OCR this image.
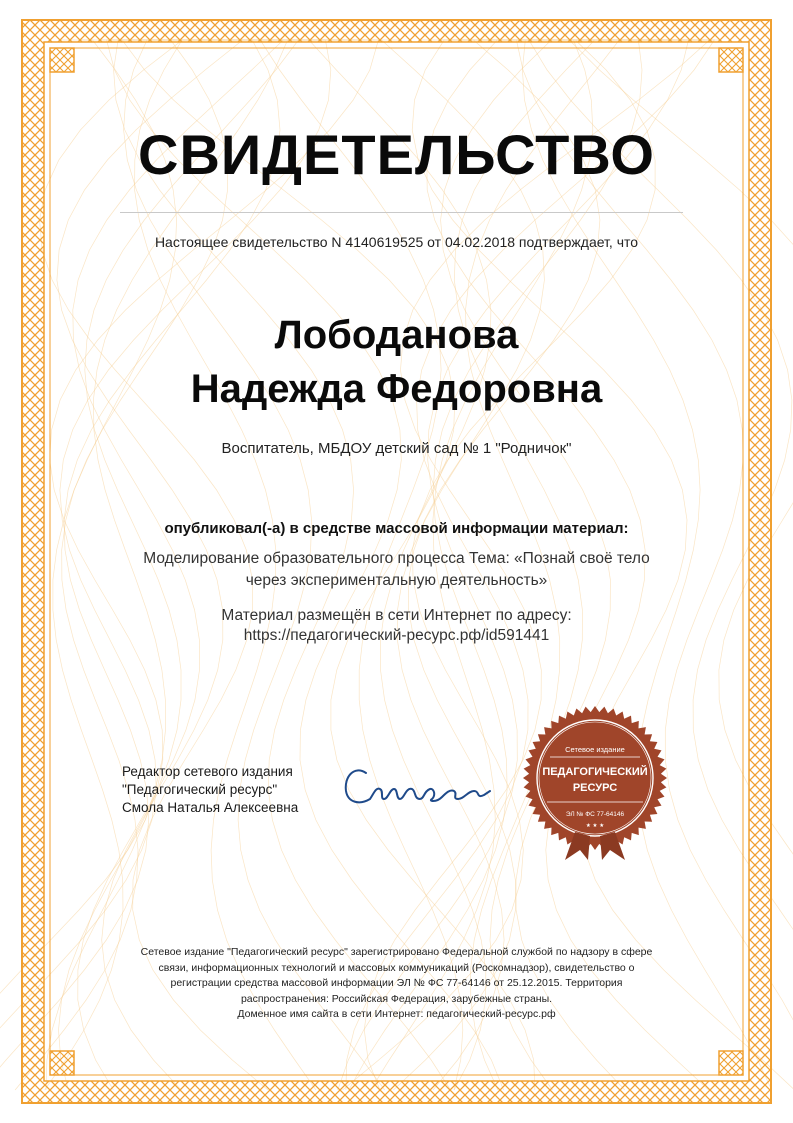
СВИДЕТЕЛЬСТВО
Настоящее свидетельство N 4140619525 от 04.02.2018 подтверждает, что
Лободанова
Надежда Федоровна
Воспитатель, МБДОУ детский сад № 1 "Родничок"
опубликовал(-а) в средстве массовой информации материал:
Моделирование образовательного процесса Тема: «Познай своё тело
через экспериментальную деятельность»
Материал размещён в сети Интернет по адресу:
https://педагогический-ресурс.рф/id591441
Редактор сетевого издания
"Педагогический ресурс"
Смола Наталья Алексеевна
Сетевое издание
ПЕДАГОГИЧЕСКИЙ
РЕСУРС
ЭЛ № ФС 77-64146
★ ★ ★
Сетевое издание "Педагогический ресурс" зарегистрировано Федеральной службой по надзору в сфере
связи, информационных технологий и массовых коммуникаций (Роскомнадзор), свидетельство о
регистрации средства массовой информации ЭЛ № ФС 77-64146 от 25.12.2015. Территория
распространения: Российская Федерация, зарубежные страны.
Доменное имя сайта в сети Интернет: педагогический-ресурс.рф
